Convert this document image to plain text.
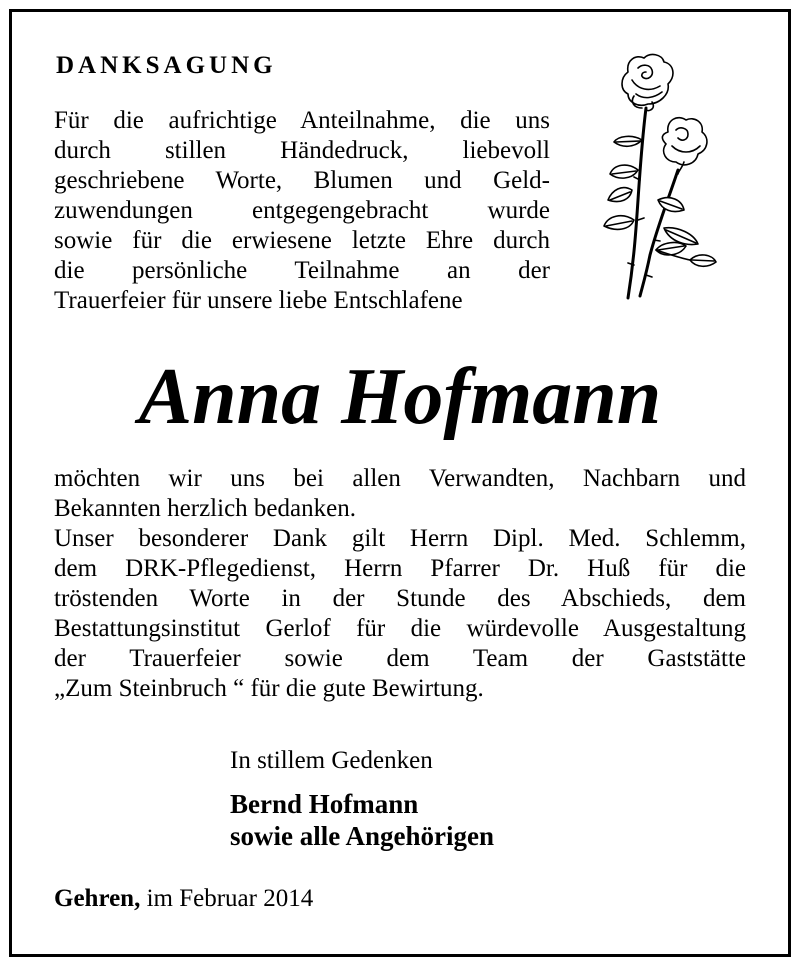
DANKSAGUNG

Für die aufrichtige Anteilnahme, die uns
durch stillen Händedruck, liebevoll
geschriebene Worte, Blumen und Geld-
zuwendungen entgegengebracht wurde
sowie für die erwiesene letzte Ehre durch
die persönliche Teilnahme an der
Trauerfeier für unsere liebe Entschlafene

Anna Hofmann

möchten wir uns bei allen Verwandten, Nachbarn und
Bekannten herzlich bedanken.
Unser besonderer Dank gilt Herrn Dipl. Med. Schlemm,
dem DRK-Pflegedienst, Herrn Pfarrer Dr. Huß für die
tröstenden Worte in der Stunde des Abschieds, dem
Bestattungsinstitut Gerlof für die würdevolle Ausgestaltung
der Trauerfeier sowie dem Team der Gaststätte
„Zum Steinbruch “ für die gute Bewirtung.

In stillem Gedenken

Bernd Hofmann
sowie alle Angehörigen

Gehren, im Februar 2014
